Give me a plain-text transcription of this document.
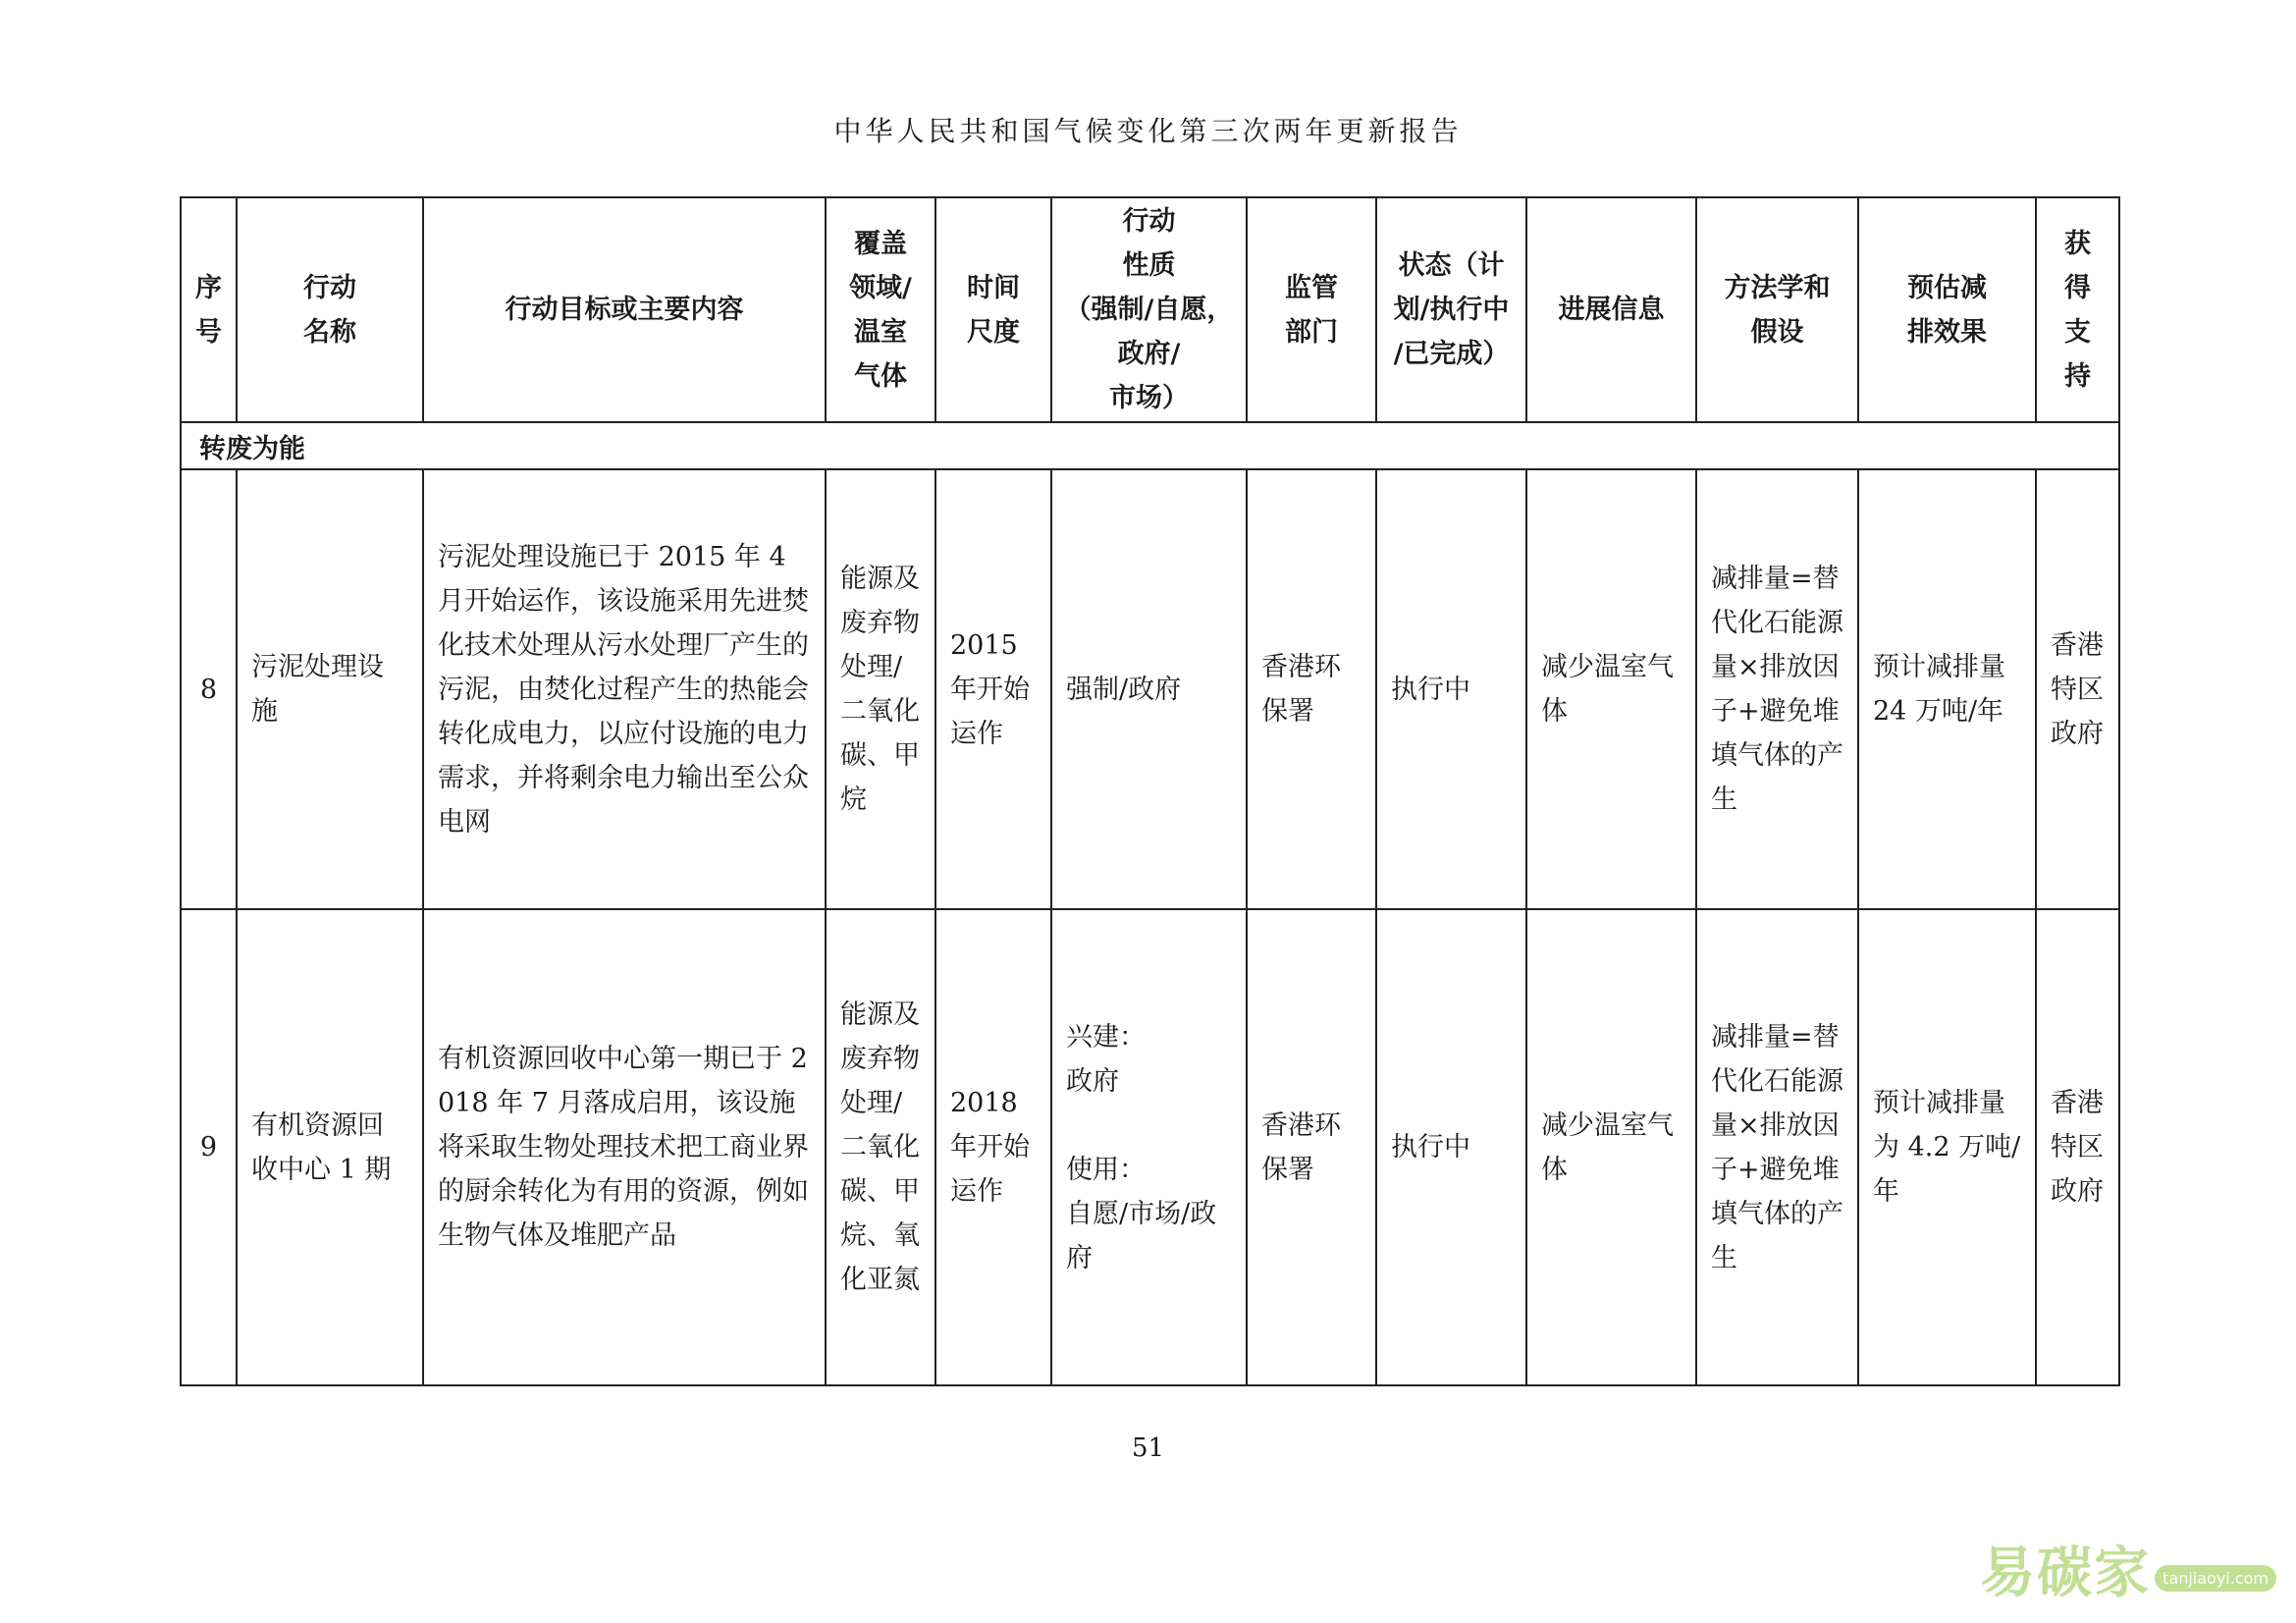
中华人民共和国气候变化第三次两年更新报告
序
号	行动
名称	行动目标或主要内容	覆盖
领域/
温室
气体	时间
尺度	行动
性质
（强制/自愿，
政府/
市场）	监管
部门	状态（计
划/执行中
/已完成）	进展信息	方法学和
假设	预估减
排效果	获
得
支
持

转废为能											

8	污泥处理设施	污泥处理设施已于 2015 年 4 月开始运作，该设施采用先进焚化技术处理从污水处理厂产生的污泥，由焚化过程产生的热能会转化成电力，以应付设施的电力需求，并将剩余电力输出至公众电网	能源及废弃物处理/二氧化碳、甲烷	2015 年开始运作	强制/政府	香港环保署	执行中	减少温室气体	减排量=替代化石能源量×排放因子+避免堆填气体的产生	预计减排量 24 万吨/年	香港特区政府

9	有机资源回收中心 1 期	有机资源回收中心第一期已于 2018 年 7 月落成启用，该设施将采取生物处理技术把工商业界的厨余转化为有用的资源，例如生物气体及堆肥产品	能源及废弃物处理/二氧化碳、甲烷、氧化亚氮	2018 年开始运作	兴建：
政府

使用：
自愿/市场/政府	香港环保署	执行中	减少温室气体	减排量=替代化石能源量×排放因子+避免堆填气体的产生	预计减排量为 4.2 万吨/年	香港特区政府
51
易碳家 tanjiaoyi.com
